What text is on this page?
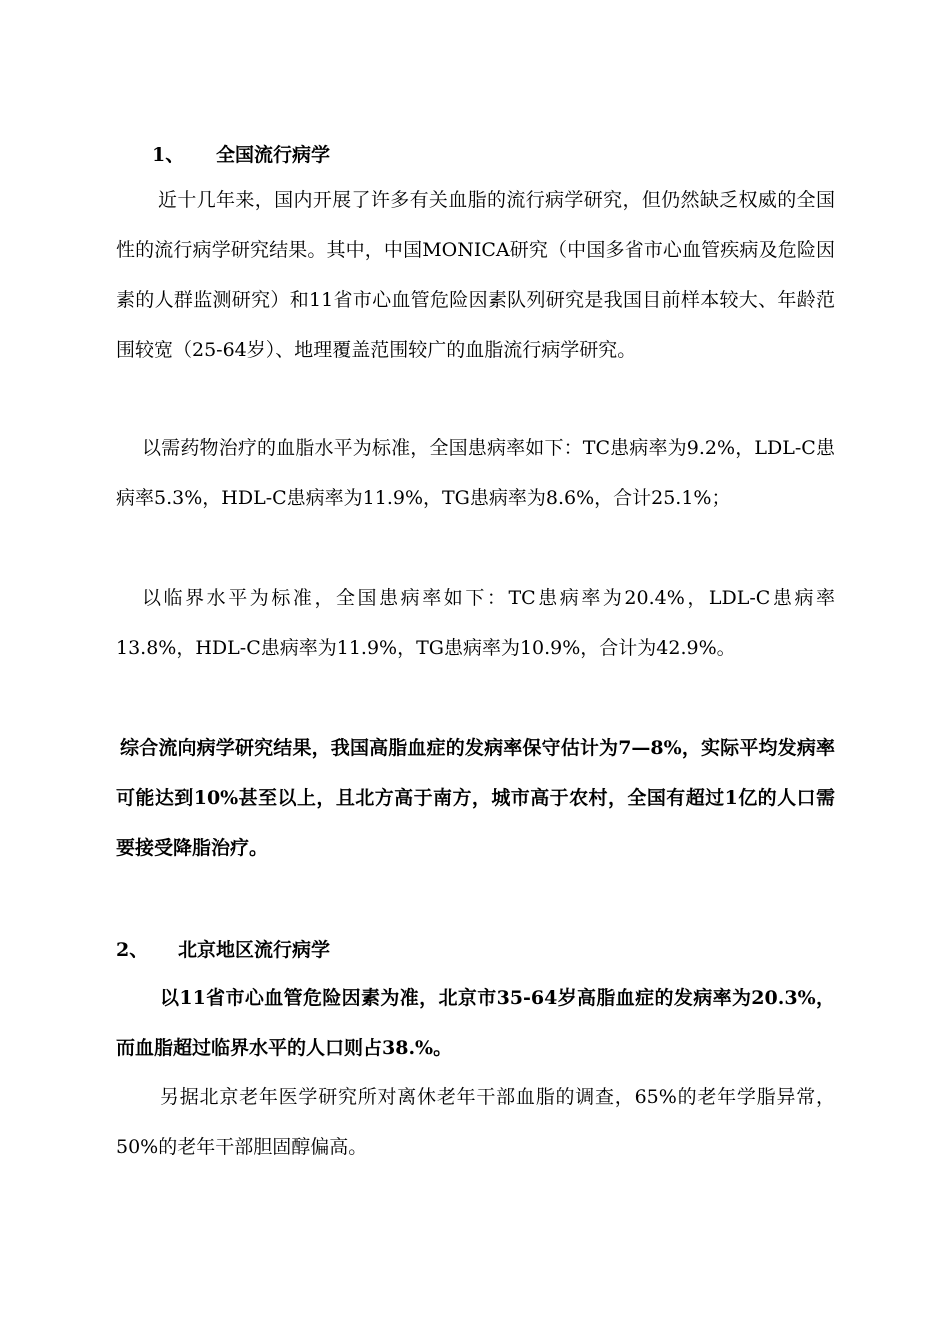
1、 全国流行病学

近十几年来，国内开展了许多有关血脂的流行病学研究，但仍然缺乏权威的全国性的流行病学研究结果。其中，中国MONICA研究（中国多省市心血管疾病及危险因素的人群监测研究）和11省市心血管危险因素队列研究是我国目前样本较大、年龄范围较宽（25-64岁）、地理覆盖范围较广的血脂流行病学研究。

以需药物治疗的血脂水平为标准，全国患病率如下：TC患病率为9.2%，LDL-C患病率5.3%，HDL-C患病率为11.9%，TG患病率为8.6%，合计25.1%；

以临界水平为标准，全国患病率如下：TC患病率为20.4%，LDL-C患病率13.8%，HDL-C患病率为11.9%，TG患病率为10.9%，合计为42.9%。

综合流向病学研究结果，我国高脂血症的发病率保守估计为7—8%，实际平均发病率可能达到10%甚至以上，且北方高于南方，城市高于农村，全国有超过1亿的人口需要接受降脂治疗。

2、 北京地区流行病学

以11省市心血管危险因素为准，北京市35-64岁高脂血症的发病率为20.3%，而血脂超过临界水平的人口则占38.%。

另据北京老年医学研究所对离休老年干部血脂的调查，65%的老年学脂异常，50%的老年干部胆固醇偏高。
